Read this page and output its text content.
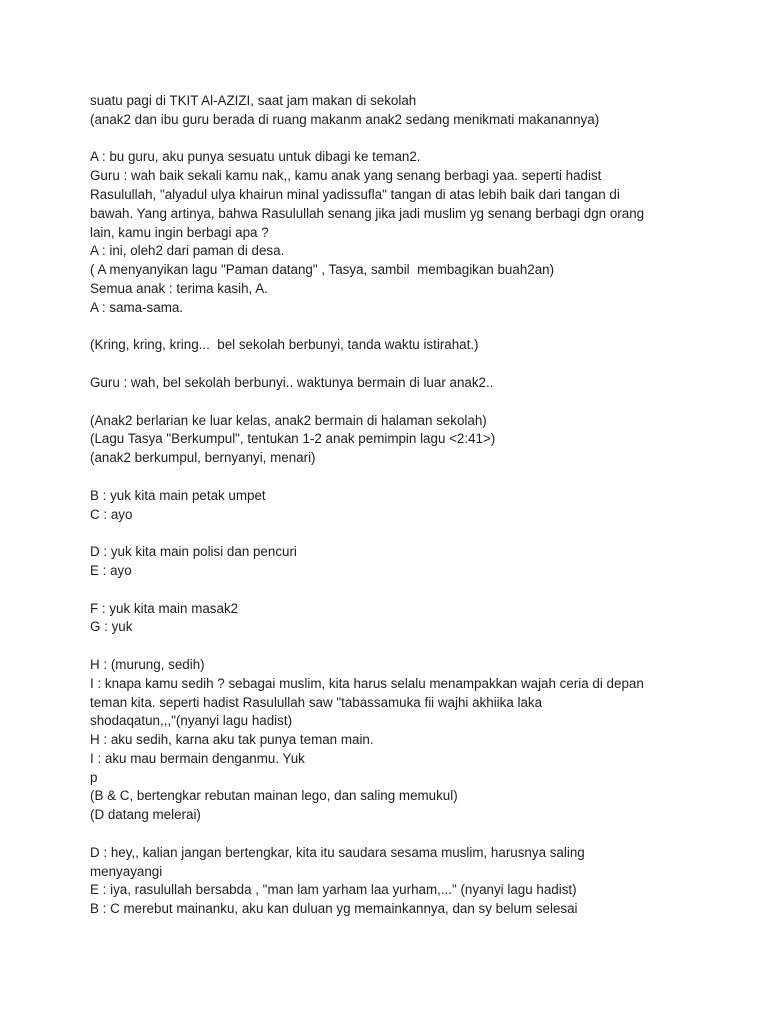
suatu pagi di TKIT Al-AZIZI, saat jam makan di sekolah
(anak2 dan ibu guru berada di ruang makanm anak2 sedang menikmati makanannya)
A : bu guru, aku punya sesuatu untuk dibagi ke teman2.
Guru : wah baik sekali kamu nak,, kamu anak yang senang berbagi yaa. seperti hadist
Rasulullah, "alyadul ulya khairun minal yadissufla" tangan di atas lebih baik dari tangan di
bawah. Yang artinya, bahwa Rasulullah senang jika jadi muslim yg senang berbagi dgn orang
lain, kamu ingin berbagi apa ?
A : ini, oleh2 dari paman di desa.
( A menyanyikan lagu "Paman datang" , Tasya, sambil  membagikan buah2an)
Semua anak : terima kasih, A.
A : sama-sama.
(Kring, kring, kring...  bel sekolah berbunyi, tanda waktu istirahat.)
Guru : wah, bel sekolah berbunyi.. waktunya bermain di luar anak2..
(Anak2 berlarian ke luar kelas, anak2 bermain di halaman sekolah)
(Lagu Tasya "Berkumpul", tentukan 1-2 anak pemimpin lagu <2:41>)
(anak2 berkumpul, bernyanyi, menari)
B : yuk kita main petak umpet
C : ayo
D : yuk kita main polisi dan pencuri
E : ayo
F : yuk kita main masak2
G : yuk
H : (murung, sedih)
I : knapa kamu sedih ? sebagai muslim, kita harus selalu menampakkan wajah ceria di depan
teman kita. seperti hadist Rasulullah saw "tabassamuka fii wajhi akhiika laka
shodaqatun,,,"(nyanyi lagu hadist)
H : aku sedih, karna aku tak punya teman main.
I : aku mau bermain denganmu. Yuk
p
(B & C, bertengkar rebutan mainan lego, dan saling memukul)
(D datang melerai)
D : hey,, kalian jangan bertengkar, kita itu saudara sesama muslim, harusnya saling
menyayangi
E : iya, rasulullah bersabda , "man lam yarham laa yurham,..." (nyanyi lagu hadist)
B : C merebut mainanku, aku kan duluan yg memainkannya, dan sy belum selesai
